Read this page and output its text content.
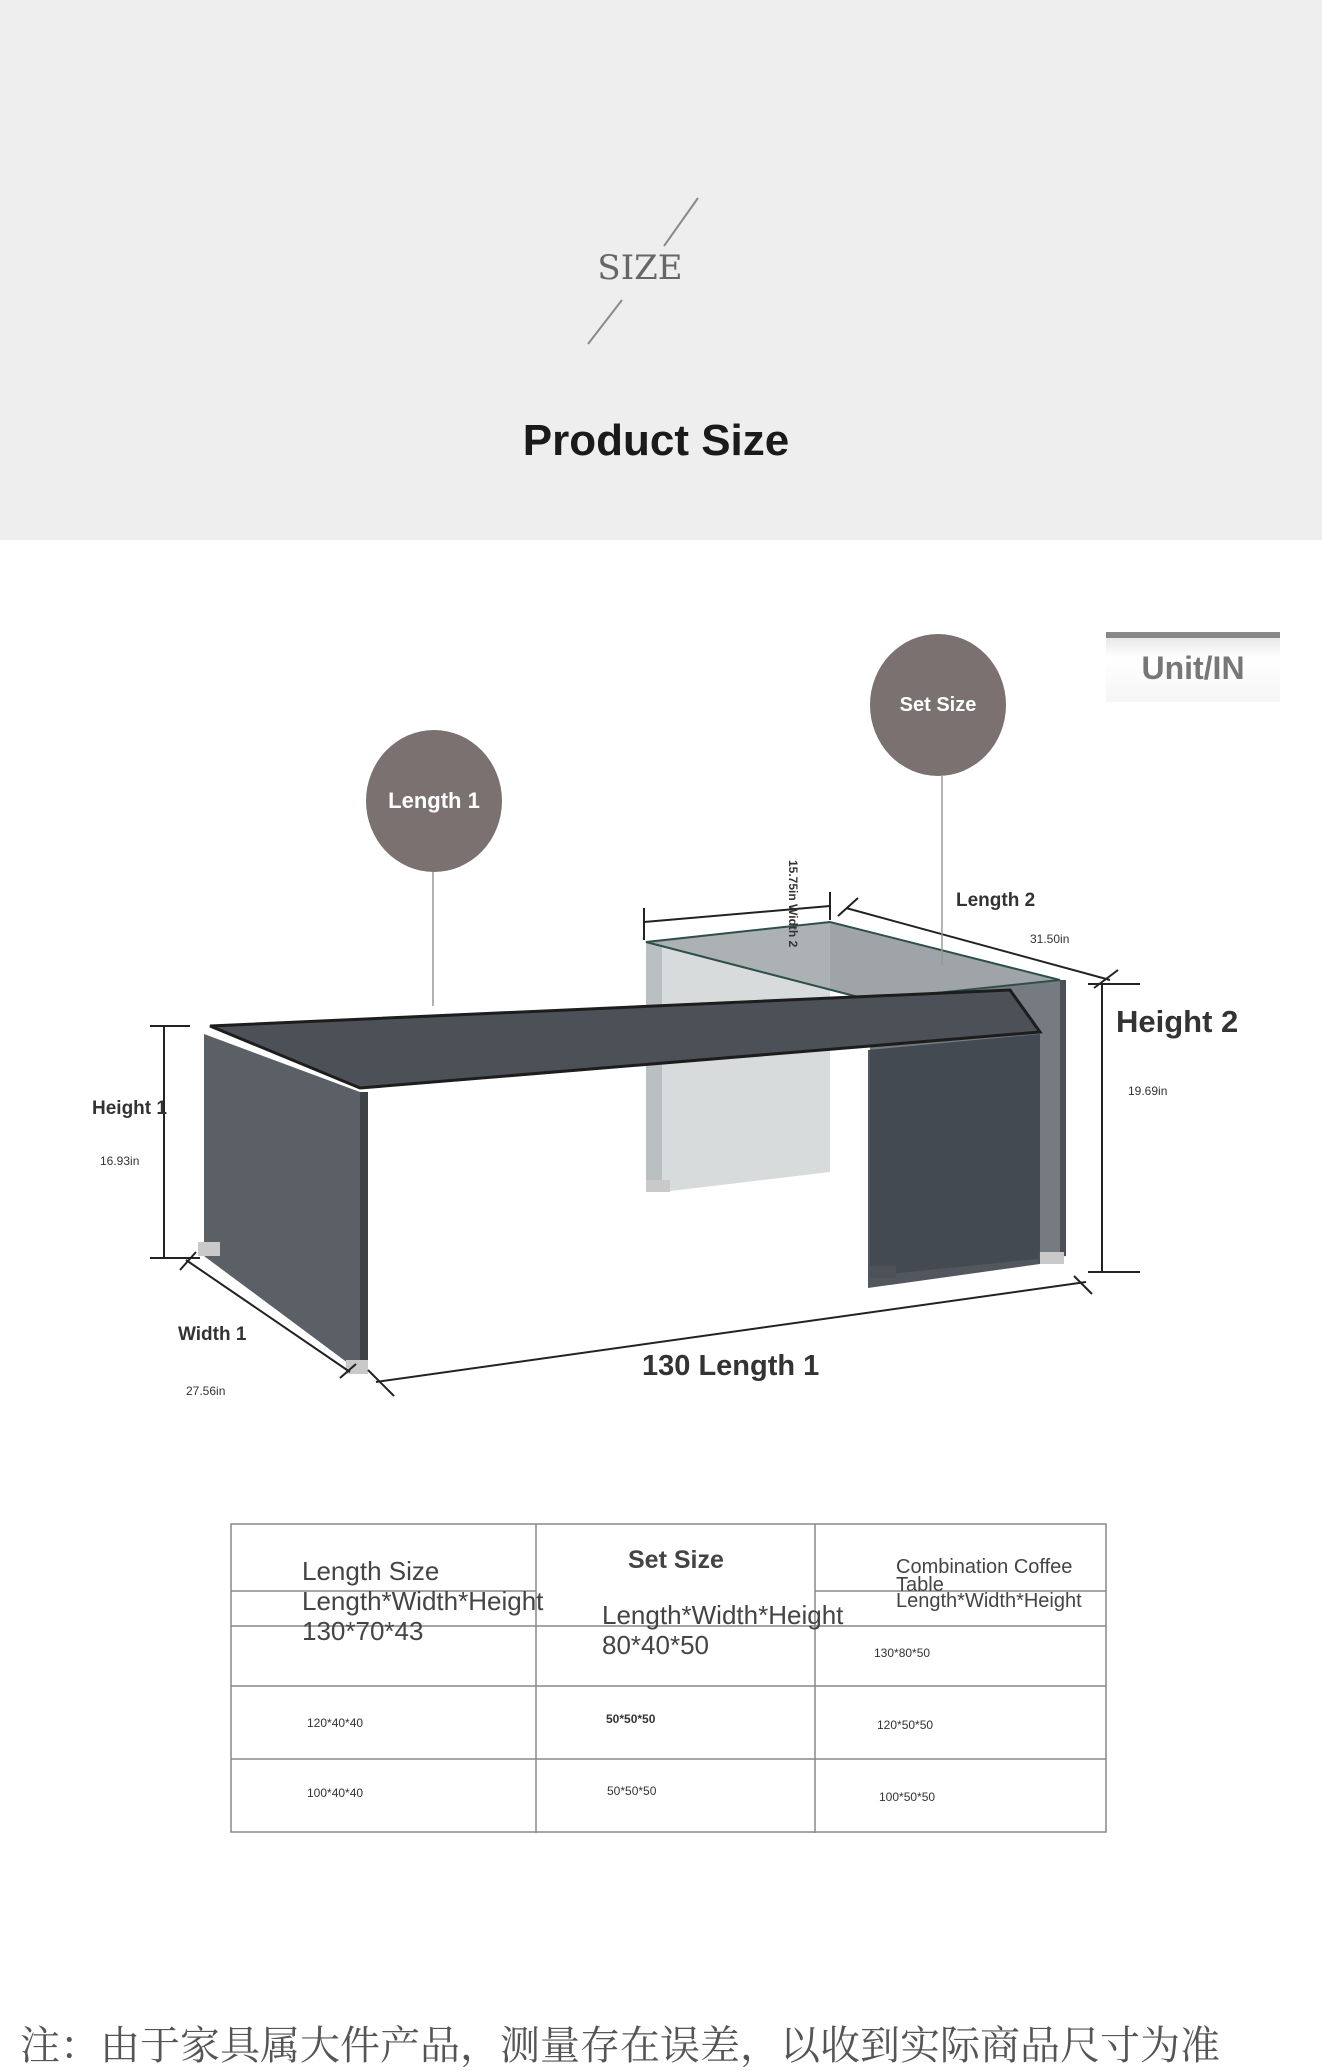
SIZE
Product Size
Unit/IN
Length 1
Set Size
15.75in Width 2	Length 2
31.50in
Height 2
19.69in
Height 1
16.93in
Width 1
27.56in
130 Length 1
Length Size
Length*Width*Height
130*70*43
120*40*40
100*40*40
Set Size
Length*Width*Height
80*40*50
50*50*50
50*50*50
Combination Coffee
Table
Length*Width*Height
130*80*50
120*50*50
100*50*50
注：由于家具属大件产品，测量存在误差，以收到实际商品尺寸为准
